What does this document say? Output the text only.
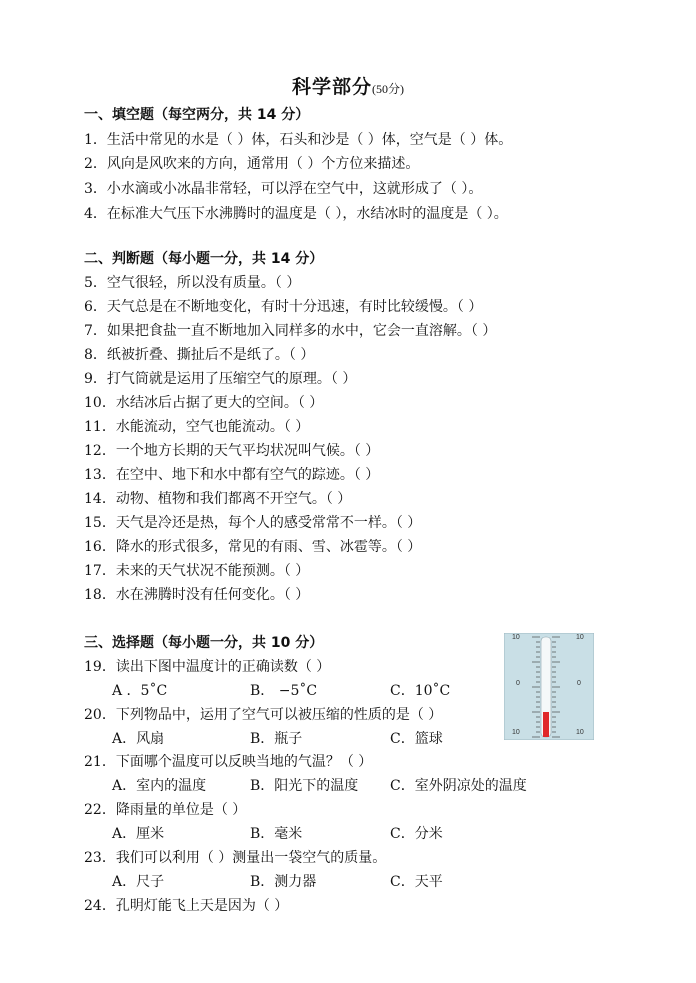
科学部分(50分)
一、填空题（每空两分，共 14 分）
1．生活中常见的水是（ ）体，石头和沙是（ ）体，空气是（ ）体。
2．风向是风吹来的方向，通常用（ ）个方位来描述。
3．小水滴或小冰晶非常轻，可以浮在空气中，这就形成了（ ）。
4．在标准大气压下水沸腾时的温度是（ ），水结冰时的温度是（ ）。
二、判断题（每小题一分，共 14 分）
5．空气很轻，所以没有质量。（ ）
6．天气总是在不断地变化，有时十分迅速，有时比较缓慢。（ ）
7．如果把食盐一直不断地加入同样多的水中，它会一直溶解。（ ）
8．纸被折叠、撕扯后不是纸了。（ ）
9．打气筒就是运用了压缩空气的原理。（ ）
10．水结冰后占据了更大的空间。（ ）
11．水能流动，空气也能流动。（ ）
12．一个地方长期的天气平均状况叫气候。（ ）
13．在空中、地下和水中都有空气的踪迹。（ ）
14．动物、植物和我们都离不开空气。（ ）
15．天气是冷还是热，每个人的感受常常不一样。（ ）
16．降水的形式很多，常见的有雨、雪、冰雹等。（ ）
17．未来的天气状况不能预测。（ ）
18．水在沸腾时没有任何变化。（ ）
三、选择题（每小题一分，共 10 分）
19．读出下图中温度计的正确读数（ ）
A ．5˚C	B． −5˚C	C．10˚C
20．下列物品中，运用了空气可以被压缩的性质的是（ ）
A．风扇	B．瓶子	C．篮球
21．下面哪个温度可以反映当地的气温？（ ）
A．室内的温度	B．阳光下的温度 C．室外阴凉处的温度
22．降雨量的单位是（ ）
A．厘米	B．毫米	C．分米
23．我们可以利用（ ）测量出一袋空气的质量。
A．尺子	B．测力器	C．天平
24．孔明灯能飞上天是因为（ ）
10	10
0	0
10	10
